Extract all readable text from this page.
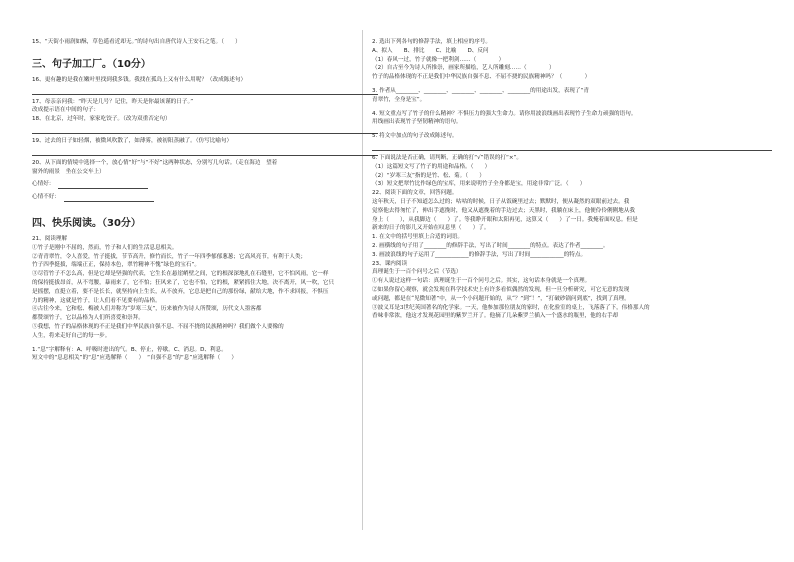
15、“天街小雨润如酥，草色遥看近却无。”的诗句出自唐代诗人王安石之笔。（　　）
三、句子加工厂。（10分）
16、更有趣的是我在嫩叶里找到我多钱。我找在孤岛上又有什么用呢？（改成陈述句）
17、母亲亲问我：“昨天是几号？记住，昨天是你最该谨的日子。”
改成提示语在中间的句子：
18、在北京，过年时，家家吃饺子。（改为双重否定句）
19、过去的日子如轻烟，被微风吹散了，如薄雾，被初阳蒸融了。（仿写比喻句）
20、从下面的情境中选择一个，放心情“好”与“不好”这两种状态，分别写几句话。（走在海边　望着
窗外的雨景　坐在公交车上）
心情好：
心情不好：
四、快乐阅读。（30分）
21、阅读理解
①竹子是刚中不屈的，然而，竹子和人们的生活息息相关。
②青青翠竹，令人喜爱，竹子挺拔，节节高升，修竹而长，竹子一年四季郁郁葱葱；它高风亮节，有利于人类；
竹子四季挺拔，端端正正，保持本色，翠竹精神不愧“绿色的宝石”。
③尽管竹子不怎么高，但是它却是坚强的代表，它生长在悬崖峭壁之间，它的根深深地扎在石缝里，它不怕风雨，它一样
的保持挺拔昂首，从不弯腰，暴雨来了，它不怕；狂风来了，它也不怕，它的根，紧紧抓住大地，决不离开，风一吹，它只
是摇摆，直挺立着，要不是长长，就坚持向上生长，从不放弃，它总是把自己的那份绿，献给大地，作不求回报，不惧压
力的精神，这就是竹子，让人们看不见要有的品格。
④古往今来，它和松、梅被人们并称为“岁寒三友”，历来被作为诗人所赞颂，历代文人墨客都
都赞颂竹子，它以品格为人们所喜爱和崇拜。
⑤我想，竹子的品格体现的不正是我们中华民族自强不息、不屈不挠的民族精神吗？我们做个人要像的
人生，将来走好自己的每一步。
1.“息”字解释有：A、呼吸时进出的气。B、停止，停歇。C、消息。D、利息。
短文中的“息息相关”的“息”应选解释（　　）　“自强不息”的“息”应选解释（　　）
2. 选出下列各句的修辞手法，填上相应的序号。
A、拟人　　B、排比　　C、比喻　　D、反问
（1）春风一过，竹子就像一把利剑……（　　　　）
（2）自古至今为诗人所推崇，画家所描绘，艺人所雕刻……（　　　　）
竹子的品格体现的不正是我们中华民族自强不息、不屈不挠的民族精神吗？（　　　　）
3. 作者从________、________、________、________、________的用途出发，表现了“青
青翠竹，全身是宝”。
4. 短文重点写了竹子的什么精神？不惧压力的强大生命力。请你用波浪线画出表现竹子生命力顽强的语句。
用线画出表现竹子坚韧精神的语句。
5. 将文中加点的句子改成陈述句。
6. 下面说法是否正确，请判断，正确的打“√”错误的打“×”。
（1）这篇短文写了竹子的用途和品格。（　　）
（2）“岁寒三友”指的是竹、松、菊。（　　）
（3）短文把翠竹比作绿色的宝库，用来说明竹子全身都是宝，用途非常广泛。（　　）
22、阅读下面的文章，回答问题。
这年秋天，日子不知道怎么过的；咕咕的时候，日子从饭碗里过去；默默时，便从凝然的双眼前过去。我
觉察他去得匆忙了，伸出手遮挽时，他又从遮挽着的手边过去；天黑时，我躺在床上，他便伶伶俐俐地从我
身上（　　），从我脚边（　　）了。等我睁开眼和太阳再见，这算又（　　）了一日。我掩着面叹息。但是
新来的日子的影儿又开始在叹息里（　　）了。
1. 在文中的括号里填上合适的词语。
2. 画横线的句子用了________的修辞手法，写出了时间________的特点。表达了作者________。
3. 画波浪线的句子运用了____________的修辞手法，写出了时间____________的特点。
23、课内阅读
真理诞生于一百个问号之后（节选）
①有人说过这样一句话：真理诞生于一百个问号之后。其实，这句话本身就是一个真理。
②如果你留心观察，就会发现在科学技术史上有许多看似偶然的发现，但一旦分析研究，可它无意的发现
或问题，都是在“见微知著”中，从一个小问题开始的，从“？”到“！”，“打破砂锅问到底”，找到了真理。
③波义耳是3世纪英国著名的化学家。一天，他参加那位朋友的家时，在化验室的桌上，飞落落了下，伟格那人的
香味非常浓，他这才发现花园里的紫罗兰开了。他摘了几朵紫罗兰插入一个盛水的瓶里，他的右手却
